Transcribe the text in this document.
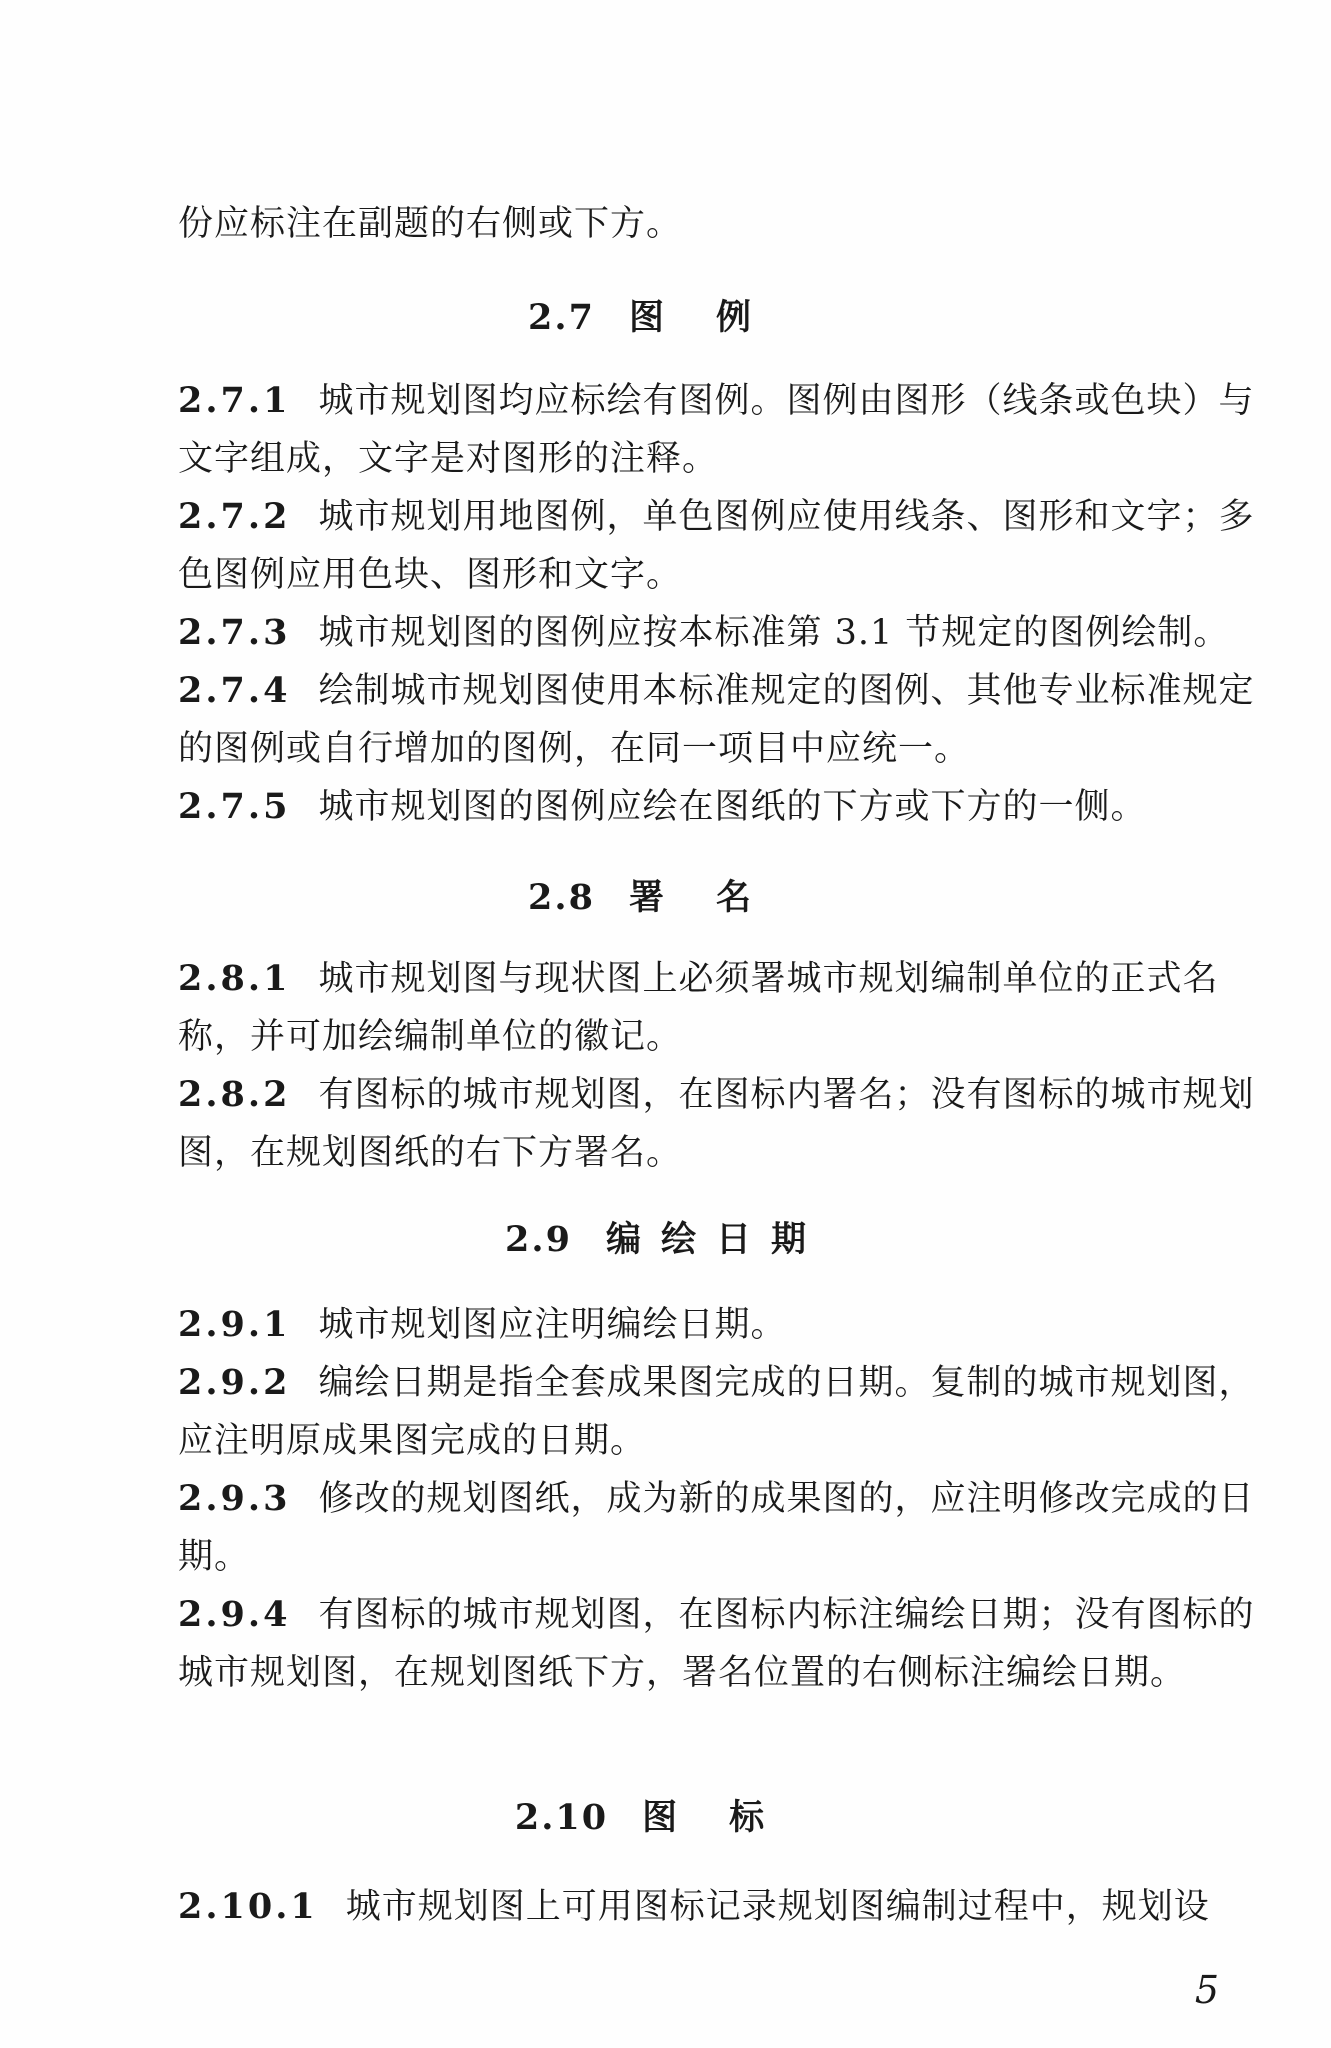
份应标注在副题的右侧或下方。
2.7 图例

2.7.1 城市规划图均应标绘有图例。图例由图形（线条或色块）与文字组成，文字是对图形的注释。

2.7.2 城市规划用地图例，单色图例应使用线条、图形和文字；多色图例应用色块、图形和文字。

2.7.3 城市规划图的图例应按本标准第 3.1 节规定的图例绘制。

2.7.4 绘制城市规划图使用本标准规定的图例、其他专业标准规定的图例或自行增加的图例，在同一项目中应统一。

2.7.5 城市规划图的图例应绘在图纸的下方或下方的一侧。

2.8 署名

2.8.1 城市规划图与现状图上必须署城市规划编制单位的正式名称，并可加绘编制单位的徽记。

2.8.2 有图标的城市规划图，在图标内署名；没有图标的城市规划图，在规划图纸的右下方署名。

2.9 编绘日期

2.9.1 城市规划图应注明编绘日期。

2.9.2 编绘日期是指全套成果图完成的日期。复制的城市规划图，应注明原成果图完成的日期。

2.9.3 修改的规划图纸，成为新的成果图的，应注明修改完成的日期。

2.9.4 有图标的城市规划图，在图标内标注编绘日期；没有图标的城市规划图，在规划图纸下方，署名位置的右侧标注编绘日期。

2.10 图标

2.10.1 城市规划图上可用图标记录规划图编制过程中，规划设

5
